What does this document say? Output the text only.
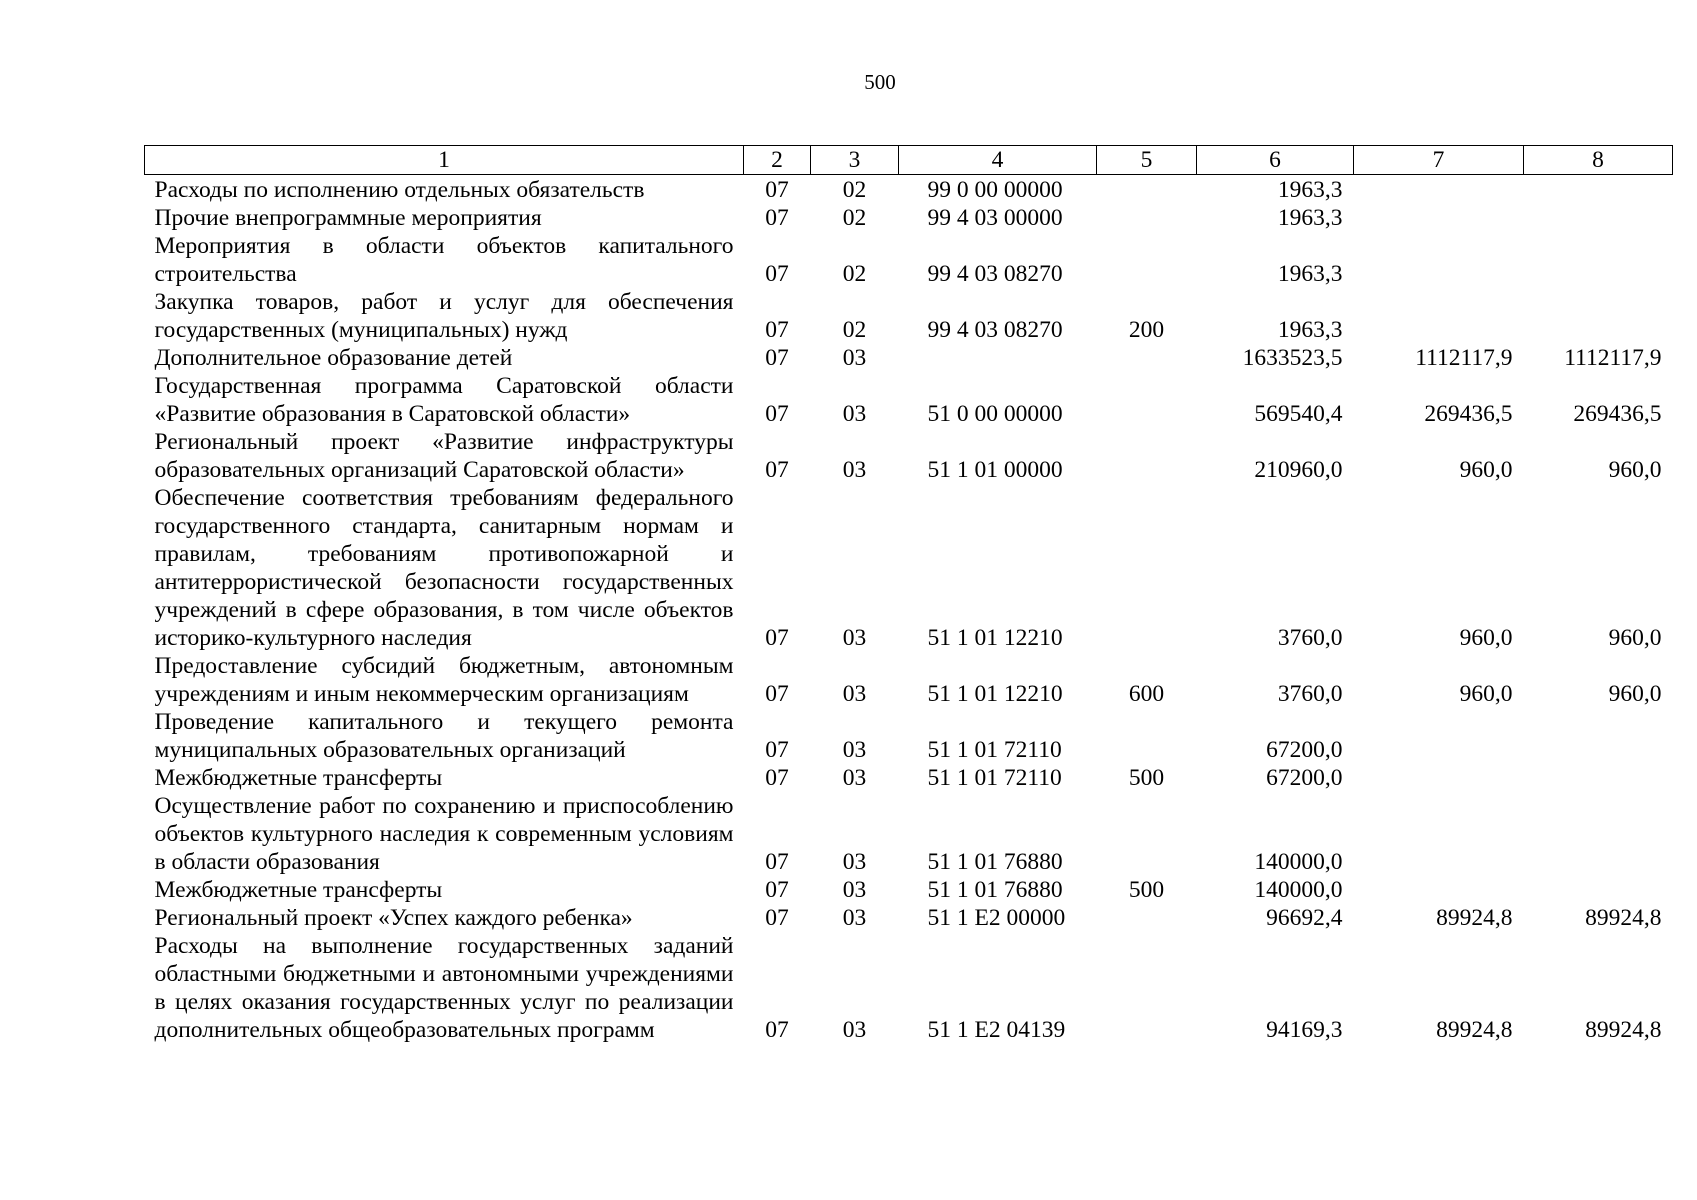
500
1	2	3	4	5	6	7	8
Расходы по исполнению отдельных обязательств	07	02	99 0 00 00000		1963,3		
Прочие внепрограммные мероприятия	07	02	99 4 03 00000		1963,3		
Мероприятия в области объектов капитального строительства	07	02	99 4 03 08270		1963,3		
Закупка товаров, работ и услуг для обеспечения государственных (муниципальных) нужд	07	02	99 4 03 08270	200	1963,3		
Дополнительное образование детей	07	03			1633523,5	1112117,9	1112117,9
Государственная программа Саратовской области «Развитие образования в Саратовской области»	07	03	51 0 00 00000		569540,4	269436,5	269436,5
Региональный проект «Развитие инфраструктуры образовательных организаций Саратовской области»	07	03	51 1 01 00000		210960,0	960,0	960,0
Обеспечение соответствия требованиям федерального государственного стандарта, санитарным нормам и правилам, требованиям противопожарной и антитеррористической безопасности государственных учреждений в сфере образования, в том числе объектов историко-культурного наследия	07	03	51 1 01 12210		3760,0	960,0	960,0
Предоставление субсидий бюджетным, автономным учреждениям и иным некоммерческим организациям	07	03	51 1 01 12210	600	3760,0	960,0	960,0
Проведение капитального и текущего ремонта муниципальных образовательных организаций	07	03	51 1 01 72110		67200,0		
Межбюджетные трансферты	07	03	51 1 01 72110	500	67200,0		
Осуществление работ по сохранению и приспособлению объектов культурного наследия к современным условиям в области образования	07	03	51 1 01 76880		140000,0		
Межбюджетные трансферты	07	03	51 1 01 76880	500	140000,0		
Региональный проект «Успех каждого ребенка»	07	03	51 1 E2 00000		96692,4	89924,8	89924,8
Расходы на выполнение государственных заданий областными бюджетными и автономными учреждениями в целях оказания государственных услуг по реализации дополнительных общеобразовательных программ	07	03	51 1 E2 04139		94169,3	89924,8	89924,8
